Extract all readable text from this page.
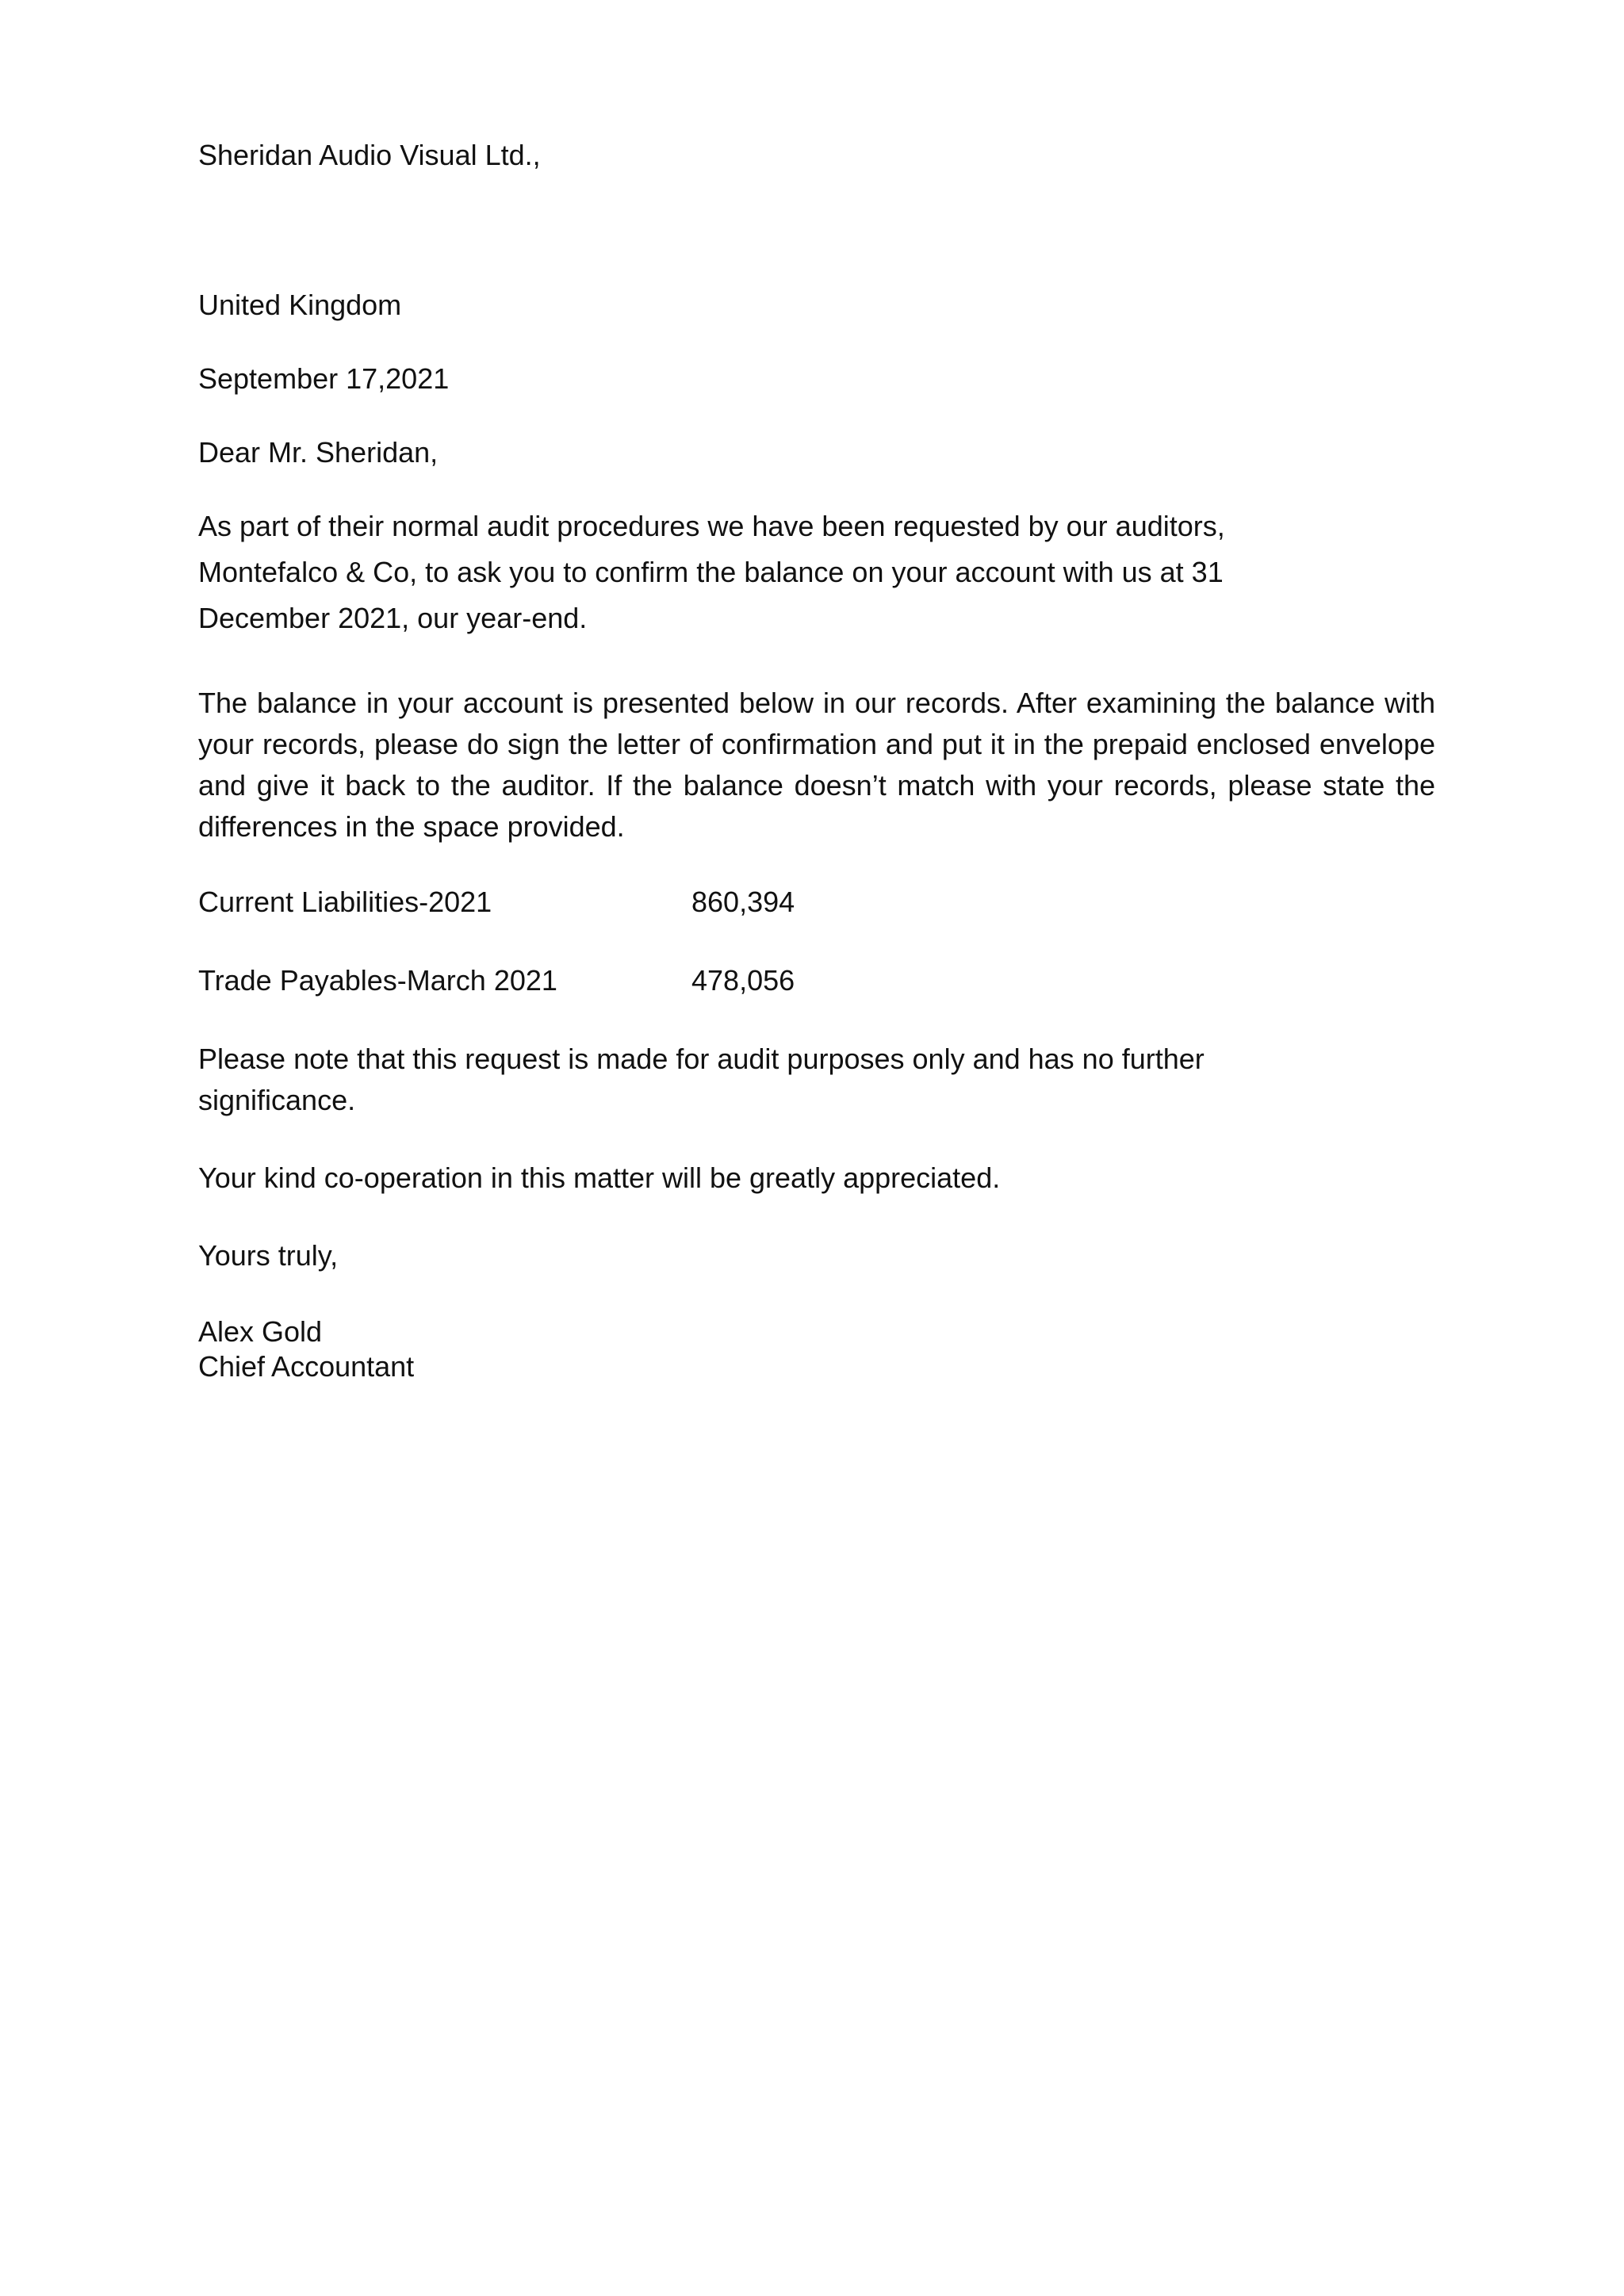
Sheridan Audio Visual Ltd.,
United Kingdom
September 17,2021
Dear Mr. Sheridan,
As part of their normal audit procedures we have been requested by our auditors,
Montefalco & Co, to ask you to confirm the balance on your account with us at 31
December 2021, our year-end.
The balance in your account is presented below in our records. After examining the balance with your records, please do sign the letter of confirmation and put it in the prepaid enclosed envelope and give it back to the auditor. If the balance doesn’t match with your records, please state the differences in the space provided.
Current Liabilities-2021	860,394
Trade Payables-March 2021	478,056
Please note that this request is made for audit purposes only and has no further
significance.
Your kind co-operation in this matter will be greatly appreciated.
Yours truly,
Alex Gold
Chief Accountant
